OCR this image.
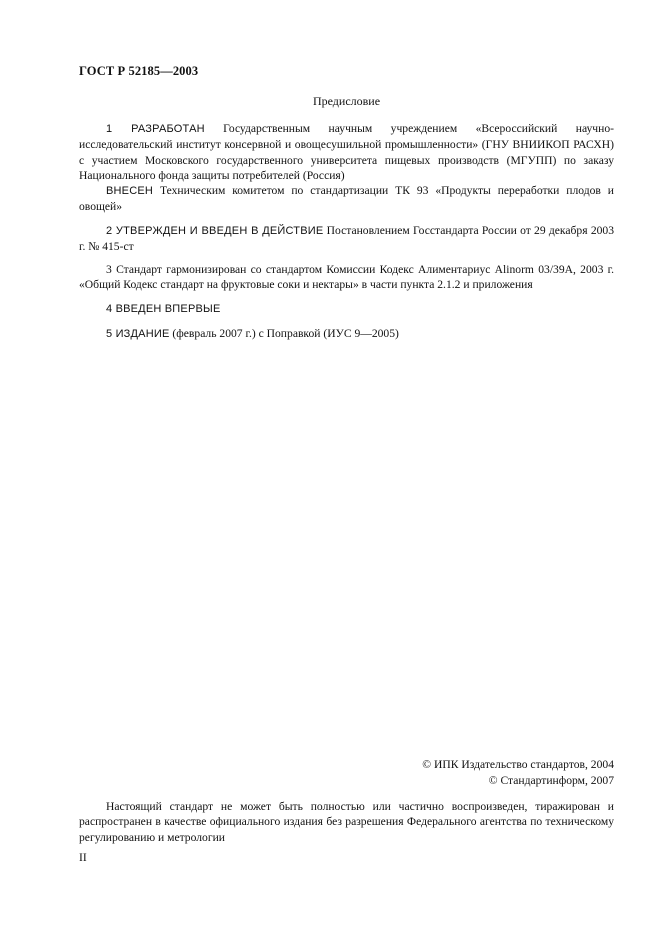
ГОСТ Р 52185—2003
Предисловие

1 РАЗРАБОТАН Государственным научным учреждением «Всероссийский научно-исследовательский институт консервной и овощесушильной промышленности» (ГНУ ВНИИКОП РАСХН) с участием Московского государственного университета пищевых производств (МГУПП) по заказу Национального фонда защиты потребителей (Россия)

ВНЕСЕН Техническим комитетом по стандартизации ТК 93 «Продукты переработки плодов и овощей»

2 УТВЕРЖДЕН И ВВЕДЕН В ДЕЙСТВИЕ Постановлением Госстандарта России от 29 декабря 2003 г. № 415-ст

3 Стандарт гармонизирован со стандартом Комиссии Кодекс Алиментариус Alinorm 03/39A, 2003 г. «Общий Кодекс стандарт на фруктовые соки и нектары» в части пункта 2.1.2 и приложения

4 ВВЕДЕН ВПЕРВЫЕ

5 ИЗДАНИЕ (февраль 2007 г.) с Поправкой (ИУС 9—2005)

© ИПК Издательство стандартов, 2004
© Стандартинформ, 2007

Настоящий стандарт не может быть полностью или частично воспроизведен, тиражирован и распространен в качестве официального издания без разрешения Федерального агентства по техническому регулированию и метрологии

II
